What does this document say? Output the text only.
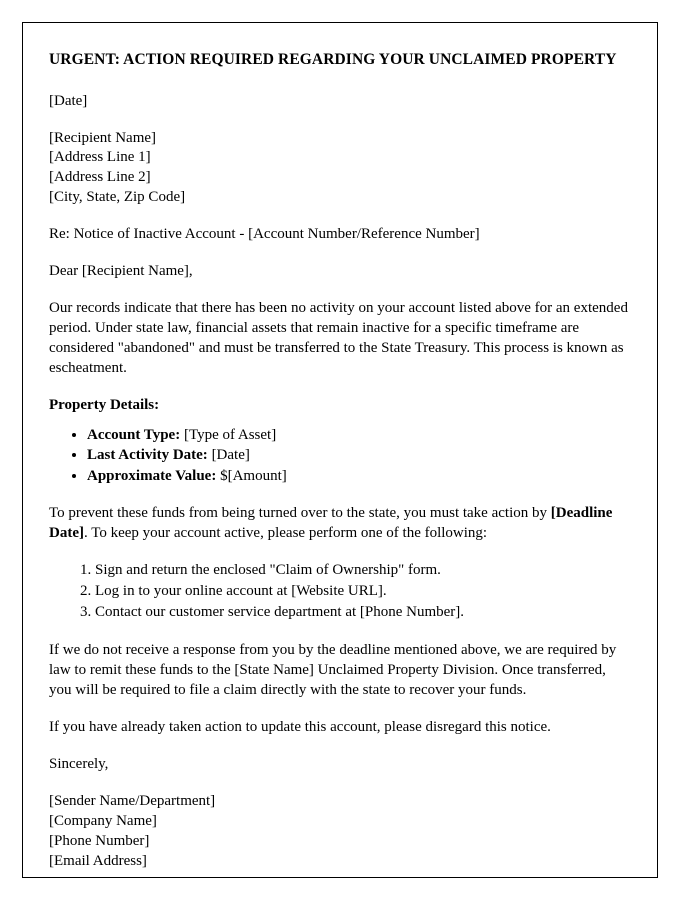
URGENT: ACTION REQUIRED REGARDING YOUR UNCLAIMED PROPERTY

[Date]

[Recipient Name]
[Address Line 1]
[Address Line 2]
[City, State, Zip Code]

Re: Notice of Inactive Account - [Account Number/Reference Number]

Dear [Recipient Name],

Our records indicate that there has been no activity on your account listed above for an extended period. Under state law, financial assets that remain inactive for a specific timeframe are considered "abandoned" and must be transferred to the State Treasury. This process is known as escheatment.

Property Details:
• Account Type: [Type of Asset]
• Last Activity Date: [Date]
• Approximate Value: $[Amount]

To prevent these funds from being turned over to the state, you must take action by [Deadline Date]. To keep your account active, please perform one of the following:

1. Sign and return the enclosed "Claim of Ownership" form.
2. Log in to your online account at [Website URL].
3. Contact our customer service department at [Phone Number].

If we do not receive a response from you by the deadline mentioned above, we are required by law to remit these funds to the [State Name] Unclaimed Property Division. Once transferred, you will be required to file a claim directly with the state to recover your funds.

If you have already taken action to update this account, please disregard this notice.

Sincerely,

[Sender Name/Department]
[Company Name]
[Phone Number]
[Email Address]
